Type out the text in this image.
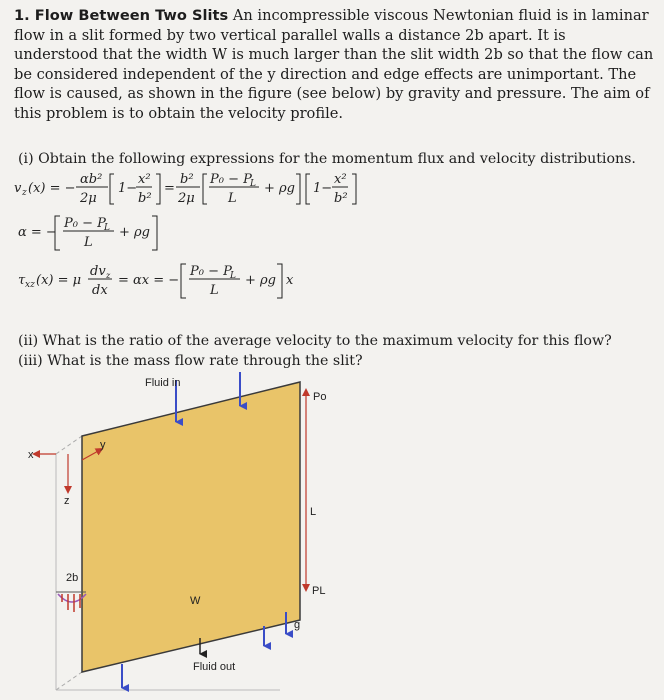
1. Flow Between Two Slits An incompressible viscous Newtonian fluid is in laminar flow in a slit formed by two vertical parallel walls a distance 2b apart. It is understood that the width W is much larger than the slit width 2b so that the flow can be considered independent of the y direction and edge effects are unimportant. The flow is caused, as shown in the figure (see below) by gravity and pressure. The aim of this problem is to obtain the velocity profile.
(i) Obtain the following expressions for the momentum flux and velocity distributions.
v z (x) = −
αb²
2μ
1−
x²
b²
=
b²
2μ
P₀ − P
L
L
+ ρg 1−
x²
b²
α = −
P₀ − P
L
L
+ ρg
τ xz (x) = μ
dv z
dx
= αx = −
P₀ − P
L
L
+ ρg x
(ii) What is the ratio of the average velocity to the maximum velocity for this flow?
(iii) What is the mass flow rate through the slit?
Fluid in
Fluid out
2b
x
y
z
Po
L
PL
W
g
